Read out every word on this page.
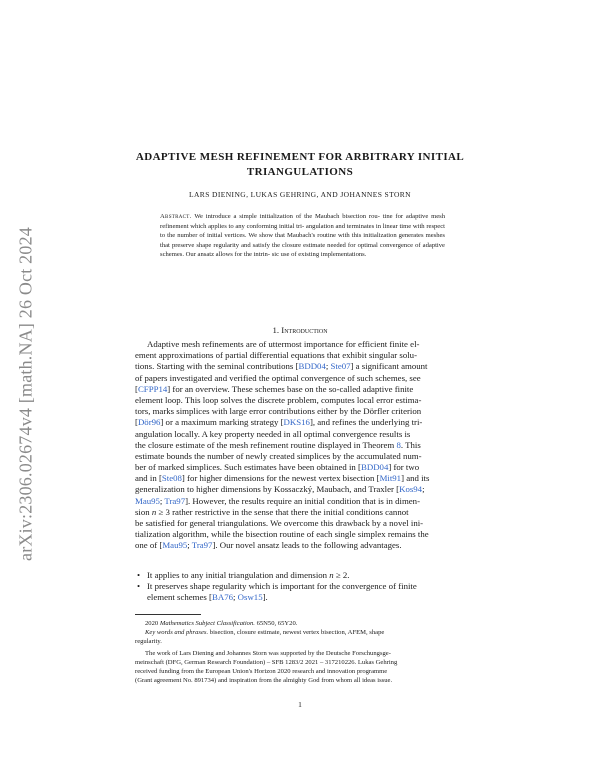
arXiv:2306.02674v4 [math.NA] 26 Oct 2024
ADAPTIVE MESH REFINEMENT FOR ARBITRARY INITIAL TRIANGULATIONS
LARS DIENING, LUKAS GEHRING, AND JOHANNES STORN
Abstract. We introduce a simple initialization of the Maubach bisection rou- tine for adaptive mesh refinement which applies to any conforming initial tri- angulation and terminates in linear time with respect to the number of initial vertices. We show that Maubach's routine with this initialization generates meshes that preserve shape regularity and satisfy the closure estimate needed for optimal convergence of adaptive schemes. Our ansatz allows for the intrin- sic use of existing implementations.
1. Introduction
Adaptive mesh refinements are of uttermost importance for efficient finite el-
ement approximations of partial differential equations that exhibit singular solu-
tions. Starting with the seminal contributions [BDD04; Ste07] a significant amount
of papers investigated and verified the optimal convergence of such schemes, see
[CFPP14] for an overview. These schemes base on the so-called adaptive finite
element loop. This loop solves the discrete problem, computes local error estima-
tors, marks simplices with large error contributions either by the Dörfler criterion
[Dör96] or a maximum marking strategy [DKS16], and refines the underlying tri-
angulation locally. A key property needed in all optimal convergence results is
the closure estimate of the mesh refinement routine displayed in Theorem 8. This
estimate bounds the number of newly created simplices by the accumulated num-
ber of marked simplices. Such estimates have been obtained in [BDD04] for two
and in [Ste08] for higher dimensions for the newest vertex bisection [Mit91] and its
generalization to higher dimensions by Kossaczký, Maubach, and Traxler [Kos94;
Mau95; Tra97]. However, the results require an initial condition that is in dimen-
sion n ≥ 3 rather restrictive in the sense that there the initial conditions cannot
be satisfied for general triangulations. We overcome this drawback by a novel ini-
tialization algorithm, while the bisection routine of each single simplex remains the
one of [Mau95; Tra97]. Our novel ansatz leads to the following advantages.
• It applies to any initial triangulation and dimension n ≥ 2.
• It preserves shape regularity which is important for the convergence of finite
element schemes [BA76; Osw15].
2020 Mathematics Subject Classification. 65N50, 65Y20.
Key words and phrases. bisection, closure estimate, newest vertex bisection, AFEM, shape
regularity.
The work of Lars Diening and Johannes Storn was supported by the Deutsche Forschungsge-
meinschaft (DFG, German Research Foundation) – SFB 1283/2 2021 – 317210226. Lukas Gehring
received funding from the European Union's Horizon 2020 research and innovation programme
(Grant agreement No. 891734) and inspiration from the almighty God from whom all ideas issue.
1
